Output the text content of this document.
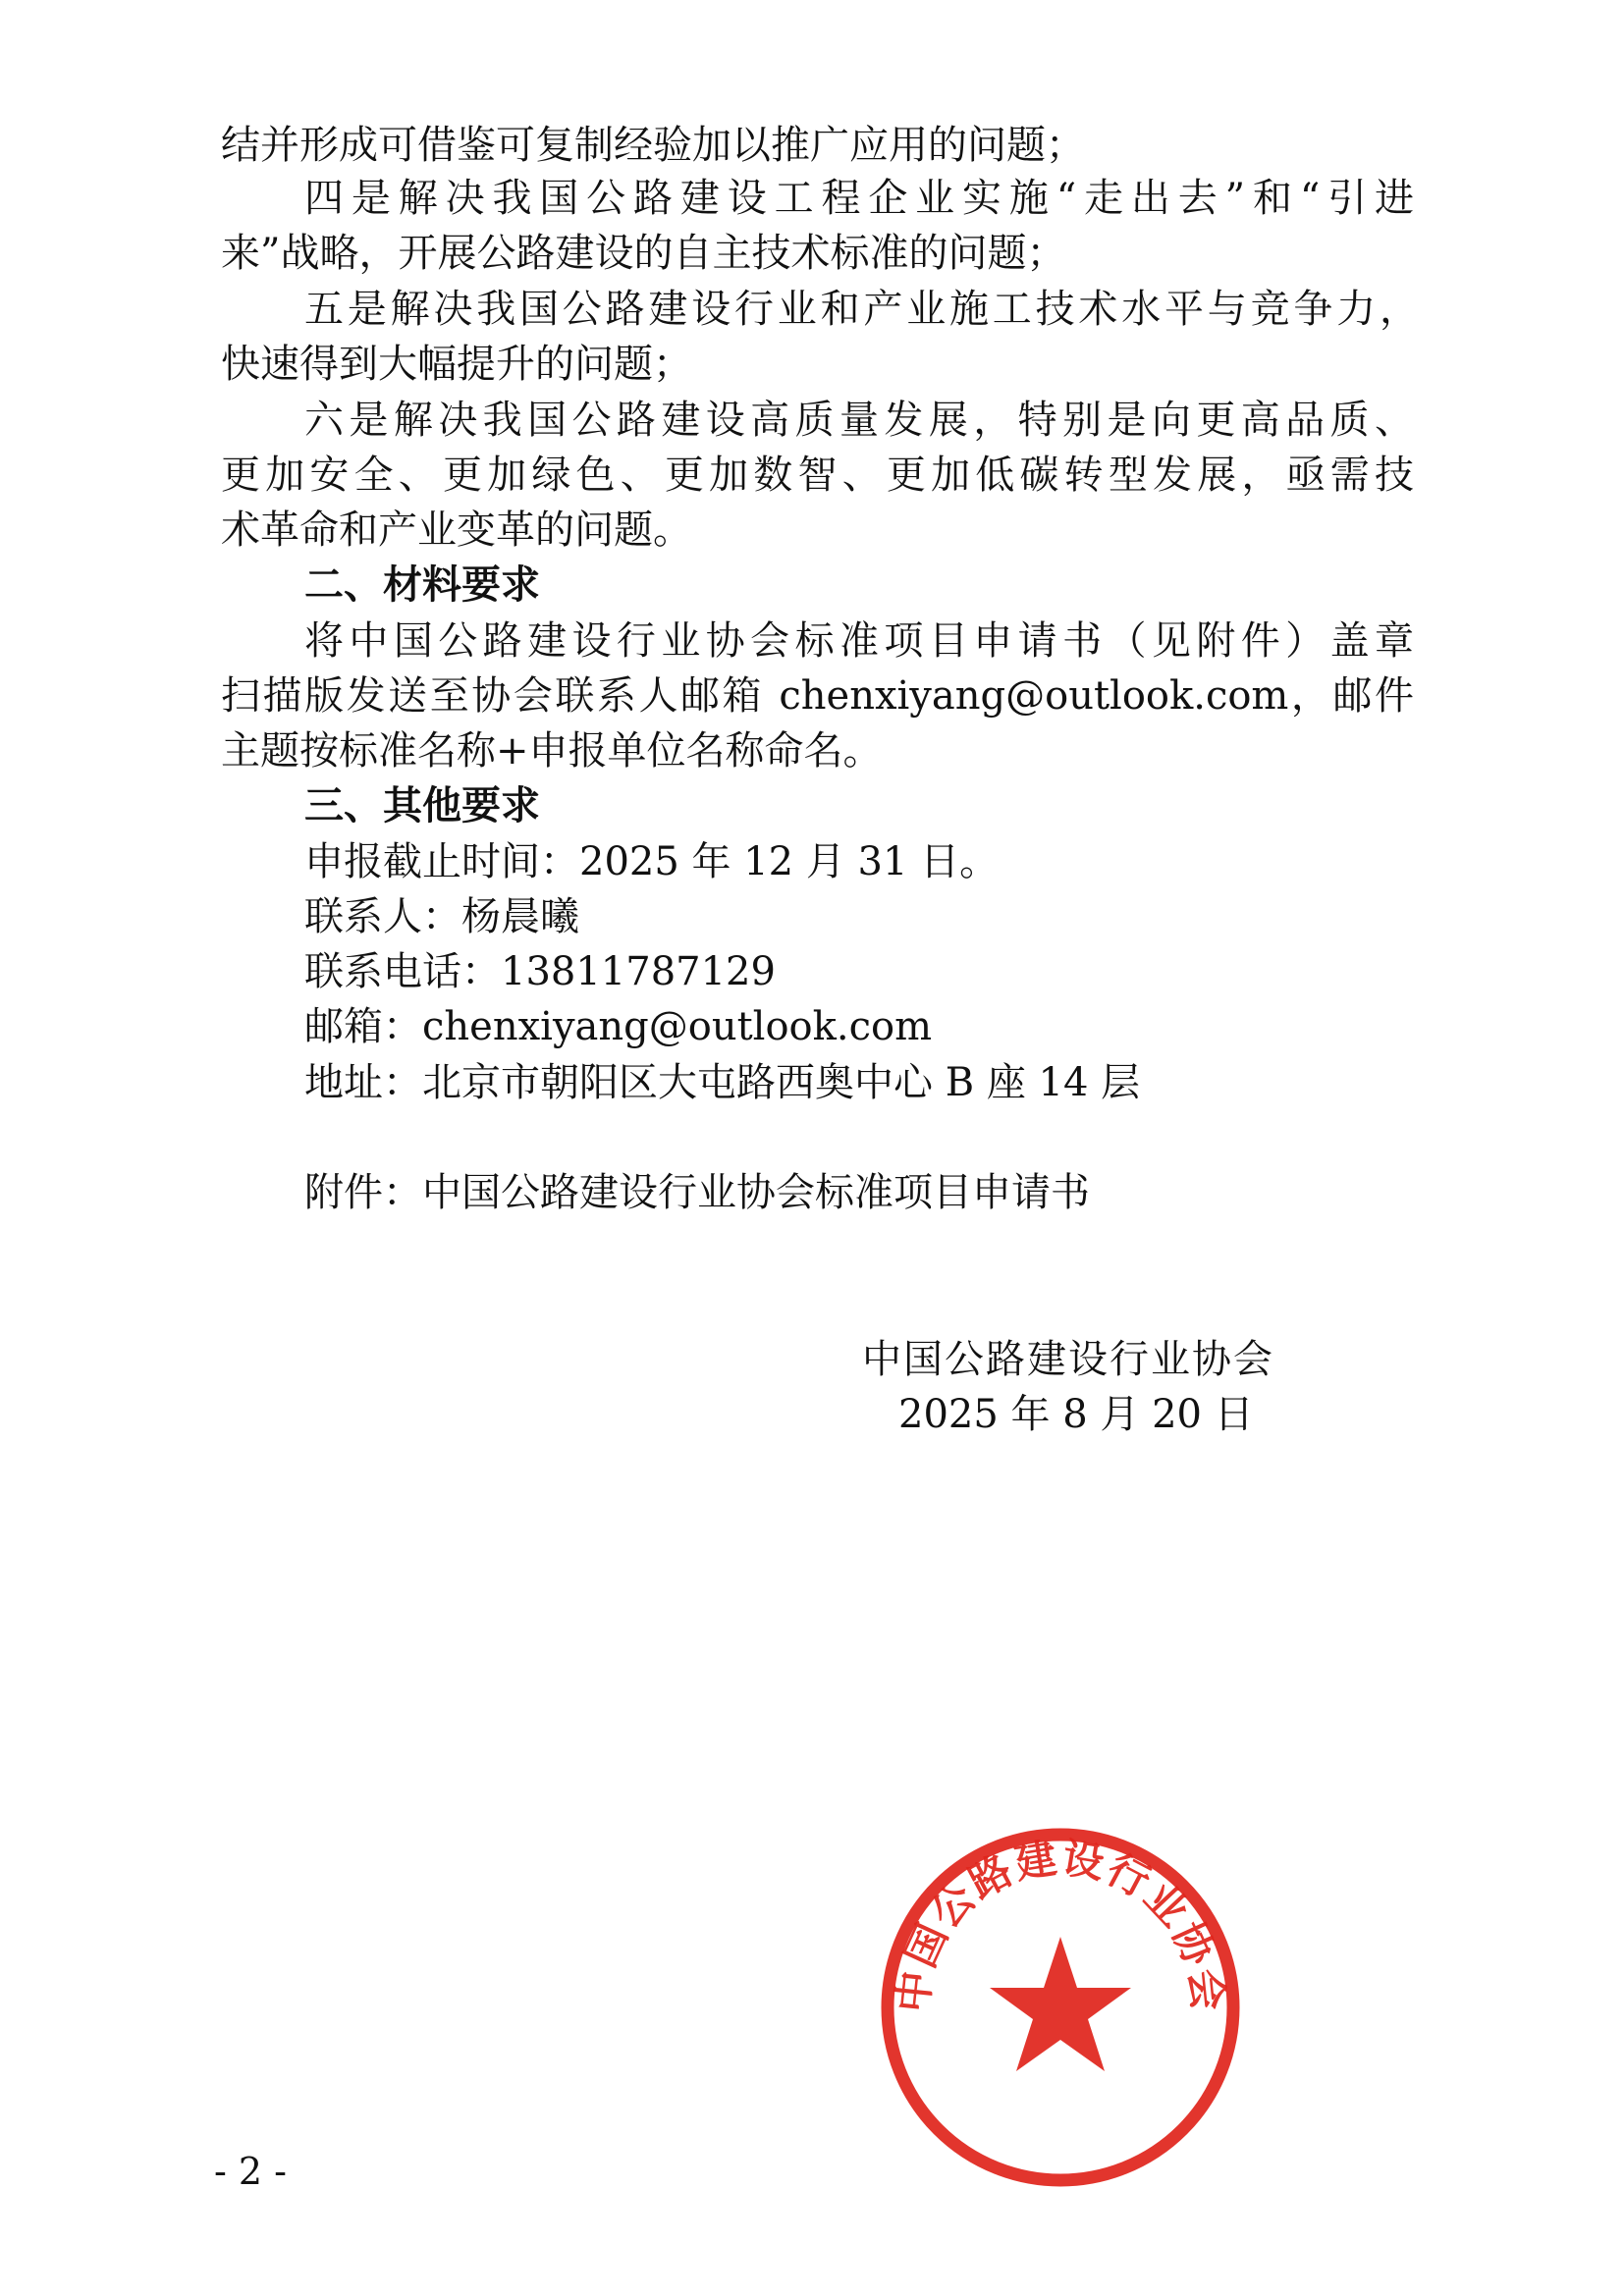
结并形成可借鉴可复制经验加以推广应用的问题；
四是解决我国公路建设工程企业实施“走出去”和“引进
来”战略，开展公路建设的自主技术标准的问题；
五是解决我国公路建设行业和产业施工技术水平与竞争力，
快速得到大幅提升的问题；
六是解决我国公路建设高质量发展，特别是向更高品质、
更加安全、更加绿色、更加数智、更加低碳转型发展，亟需技
术革命和产业变革的问题。
二、材料要求
将中国公路建设行业协会标准项目申请书（见附件）盖章
扫描版发送至协会联系人邮箱 chenxiyang@outlook.com，邮件
主题按标准名称+申报单位名称命名。
三、其他要求
申报截止时间：2025 年 12 月 31 日。
联系人：杨晨曦
联系电话：13811787129
邮箱：chenxiyang@outlook.com
地址：北京市朝阳区大屯路西奥中心 B 座 14 层
附件：中国公路建设行业协会标准项目申请书
中国公路建设行业协会
中国公路建设行业协会
2025 年 8 月 20 日
- 2 -
